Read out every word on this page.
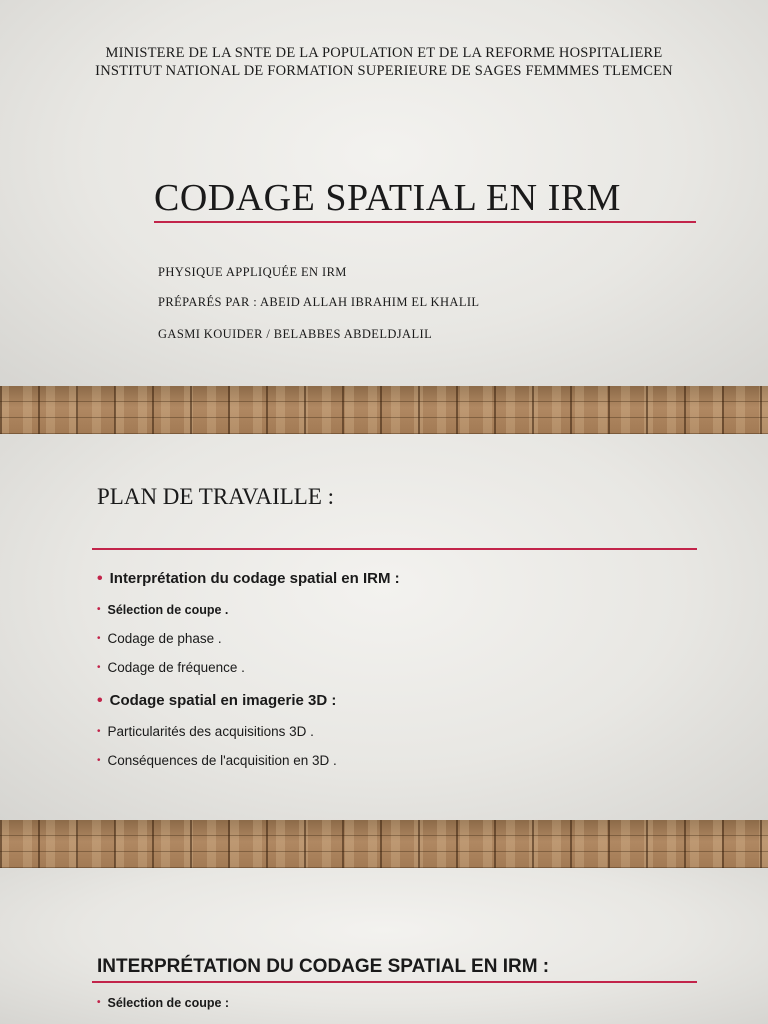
MINISTERE DE LA SNTE DE LA POPULATION ET DE LA REFORME HOSPITALIERE
INSTITUT NATIONAL DE FORMATION SUPERIEURE DE SAGES FEMMMES TLEMCEN
CODAGE SPATIAL EN IRM
PHYSIQUE APPLIQUÉE EN IRM
PRÉPARÉS PAR : ABEID ALLAH IBRAHIM EL KHALIL
GASMI KOUIDER / BELABBES ABDELDJALIL
PLAN DE TRAVAILLE :
• Interprétation du codage spatial en IRM :
• Sélection de coupe .
• Codage de phase .
• Codage de fréquence .
• Codage spatial en imagerie 3D :
• Particularités des acquisitions 3D .
• Conséquences de l'acquisition en 3D .
INTERPRÉTATION DU CODAGE SPATIAL EN IRM :
• Sélection de coupe :
